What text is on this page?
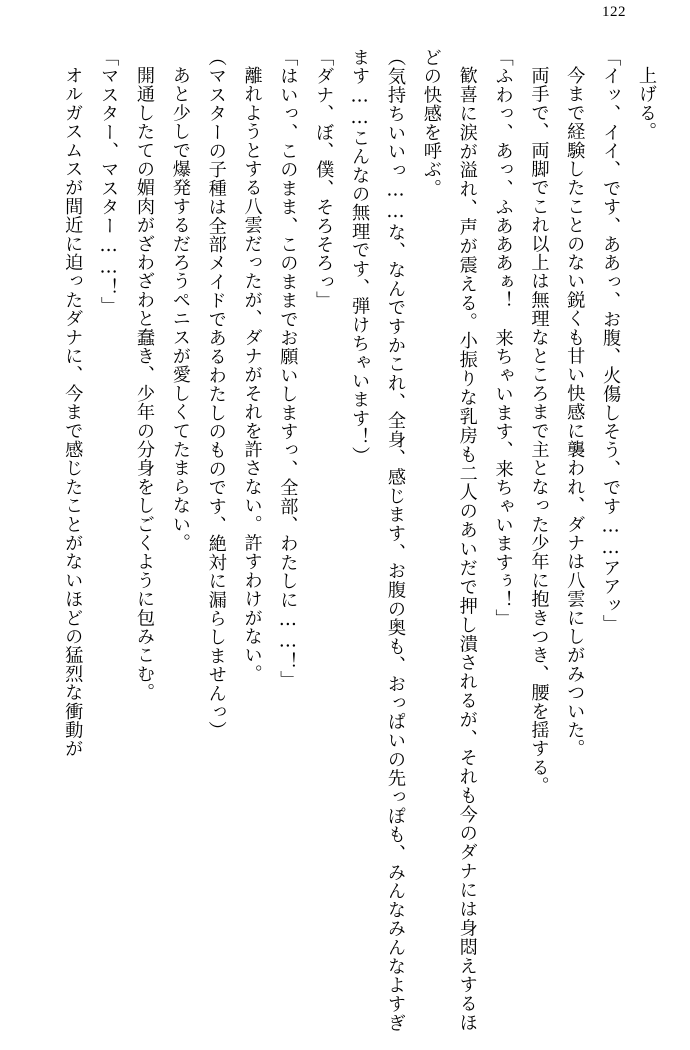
122

上げる。

「イッ、イイ、です、ああっ、お腹、火傷しそう、です……アアッ」

今まで経験したことのない鋭くも甘い快感に襲われ、ダナは八雲にしがみついた。

両手で、両脚でこれ以上は無理なところまで主となった少年に抱きつき、腰を揺する。

「ふわっ、あっ、ふあああぁ！　来ちゃいます、来ちゃいますぅ！」

歓喜に涙が溢れ、声が震える。小振りな乳房も二人のあいだで押し潰されるが、それも今のダナには身悶えするほどの快感を呼ぶ。

（気持ちいいっ……な、なんですかこれ、全身、感じます、お腹の奥も、おっぱいの先っぽも、みんなみんなよすぎます……こんなの無理です、弾けちゃいます！）

「ダナ、ぼ、僕、そろそろっ」

「はいっ、このまま、このままでお願いしますっ、全部、わたしに……！」

離れようとする八雲だったが、ダナがそれを許さない。許すわけがない。

（マスターの子種は全部メイドであるわたしのものです、絶対に漏らしませんっ）

あと少しで爆発するだろうペニスが愛しくてたまらない。

開通したての媚肉がざわざわと蠢き、少年の分身をしごくように包みこむ。

「マスター、マスター……！」

オルガスムスが間近に迫ったダナに、今まで感じたことがないほどの猛烈な衝動が
